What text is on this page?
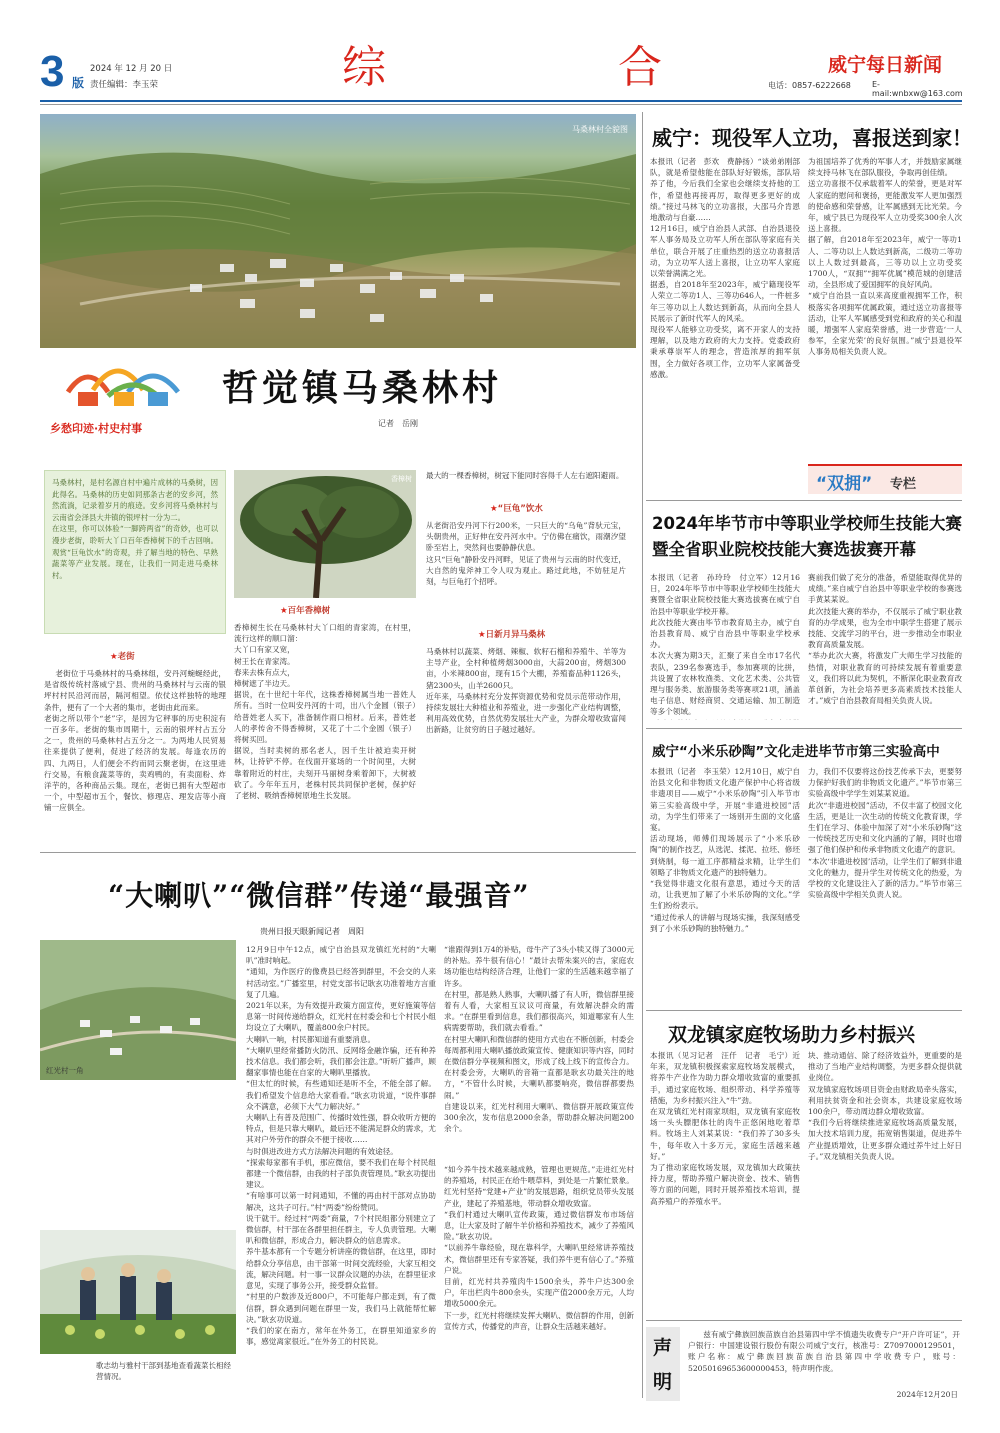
3 版
2024 年 12 月 20 日
责任编辑：李玉荣	综	合	威宁每日新闻
电话：0857-6222668	E-mail:wnbxw@163.com
马桑林村全貌图
乡愁印迹·村史村事
哲觉镇马桑林村
记者　岳刚
马桑林村，是村名源自村中遍片成林的马桑树，因此得名。马桑林的历史如同那条古老的安乡河，然然流淌，记录着岁月的痕迹。安乡河将马桑林村与云南省会泽县大井镇的银坪村一分为二。
在这里，你可以体验“一脚跨两省”的奇妙，也可以漫步老街，聆听大丫口百年香樟树下的千古回响。观赏“巨龟饮水”的奇观，并了解当地的特色、早熟蔬菜等产业发展。现在，让我们一同走进马桑林村。
★老街
老街位于马桑林村的马桑林组，安丹河蜿蜒经此，是省级传统村落威宁县、贵州的马桑林村与云南的银坪村村民沿河而居，隔河相望。依仗这样独特的地理条件，便有了一个大者的集市，老街由此而来。
老街之所以带个“老”字，是因为它秤事的历史积淀有一百多年。老街的集市周期十，云南的银坪村占五分之一，贵州的马桑林村占五分之一。为两地人民贸易往来提供了便利，促进了经济的发展。每逢农历的四、九两日，人们便会不约而同云聚老街，在这里进行交易，有粮食蔬菜等的，卖鸡鸭的，有卖面粉、炸洋芋的，各种商品云集。现在，老街已拥有大型超市一个，中型超市五个，餐饮、修理店、理发店等小商铺一应俱全。
香樟树
★百年香樟树
香樟树生长在马桑林村大丫口组的青家湾，在村里，流行这样的顺口溜：
大丫口有家又宽，
树王长在青家湾。
春来去株有点大，
樟树遮了半边天。
据说，在十世纪十年代，这株香樟树属当地一普姓人所有。当时一位叫安丹河的十司，出八个金圆（银子）给普姓老人买下，准备制作雨口棺材。后来，普姓老人的孝传舍不得香樟树，又花了十二个金圆（银子）将树买回。
据说，当时卖树的那名老人，因千生计被迫卖开树林，让持铲不停。在伐面开宴场的一个时间里，大树靠着附近的村庄，夫刻开马丽树身乘着卸下，大树被砍了。今年年五月，老株村民共同保护老树，保护好了老树、吸纳香樟树原地生长发展。
最大的一棵香樟树，树冠下能同时容得千人左右遮阳避雨。
★“巨龟”饮水
从老街沿安丹河下行200米，一只巨大的“乌龟”背驮元宝，头朝贵州，正好伸在安丹河水中。宁仿佛在痛饮，雨潮汐望卧至岩上，突然间也要静静伏息。
这只“巨龟”静卧安丹河畔，见证了贵州与云南的时代变迁，大自然的鬼斧神工令人叹为观止。路过此地，不妨驻足片刻，与巨龟打个招呼。
★日新月异马桑林
马桑林村以蔬菜、烤烟、辣椒、软籽石榴和养殖牛、羊等为主导产业，全村种植烤烟3000亩，大蒜200亩，烤烟300亩，小米辣800亩，现有15个大棚，养殖畜品种1126头，猪2300头，山羊2600只。
近年来，马桑林村充分发挥资源优势和党员示范带动作用，持续发展壮大种植业和养殖业，进一步强化产业结构调整，利用高效优势，自然优势发展壮大产业，为群众增收致富闯出新路，让贫穷的日子越过越好。
“大喇叭”“微信群”传递“最强音”
贵州日报天眼新闻记者　周阳
红光村一角
歌志幼与雅村干部到基地查看蔬菜长相经营情况。
12月9日中午12点，威宁自治县双龙镇红光村的“大喇叭”准时响起。
“通知，为作医疗的像费县已经答到群里，不会交的人来村活动室。”广播室里，村党支部书记耿玄功准着地方言重复了几遍。
2021年以来，为有效提升政策方面宣传，更好施策等信息第一时间传递给群众，红光村在村委会和七个村民小组均设立了大喇叭，覆盖800余户村民。
大喇叭一响，村民都知道有重要消息。
“大喇叭里经常播防火防汛、反网络金融诈骗，还有种养技术信息。我们都会听，我们都会注意。”听听广播声，顾翻家事情也能在自家的大喇叭里播放。
“但太忙的时候，有些通知还是听不全，不能全部了解。我们希望发个信息给大家看看。”耿玄功说道，“说件事群众不满意，必须下大气力解决好。”
大喇叭上有普及范围广、传播时效性强，群众收听方便的特点，但是只靠大喇叭，最后还不能满足群众的需求，尤其对户外劳作的群众不便于接收……
与时俱进改进方式方法解决问题的有效途径。
“探索每家都有手机，那应微信，要不我们在每个村民组都建一个微信群，由我的村子部负责管理员。”耿玄功提出建议。
“有啥事可以第一时间通知，不懂的再由村干部对点协助解决，这共子可行。”村“两委”纷纷赞同。
说干就干。经过村“两委”商量，7个村民组都分别建立了微信群，村干部在各群里担任群主，专人负责管理。大喇叭和微信群，形成合力，解决群众的信息需求。
养牛基本都有一个专题分析讲座的微信群，在这里，即时给群众分享信息，由干部第一时间交流经验，大家互相交流，解决问题。村一事一议群众议题的办法，在群里征求意见，实现了事务公开，接受群众监督。
“村里的户数涉及近800户，不可能每户都走到，有了微信群，群众遇到问题在群里一发，我们马上就能帮忙解决。”耿玄功说道。
“我们的家在南方，常年在外务工，在群里知道家乡的事，感觉离家很近。”在外务工的村民说。
“谁跟得到1万4的补贴，母牛产了3头小犊又得了3000元的补贴。养牛很有信心！”最计去帮朱案兴的吉，家庭农场功能也结构经济合理，让他们一家的生活越来越幸福了许多。
在村里，都是熟人熟事，大喇叭播了有人听，微信群里接着有人看，大家相互议议可商量，有效解决群众的需求。“在群里看到信息，我们都很高兴，知道哪家有人生病需要帮助，我们就去看看。”
在村里大喇叭和微信群的使用方式也在不断创新，村委会每周都利用大喇叭播放政策宣传、健康知识等内容，同时在微信群分享视频和图文，形成了线上线下的宣传合力。
在村委会旁，大喇叭的音箱一直都是耿玄功最关注的地方，“不管什么时候，大喇叭都要响亮，微信群都要热闹。”
自建设以来，红光村利用大喇叭、微信群开展政策宣传300余次，发布信息2000余条，帮助群众解决问题200余个。
“如今养牛技术越来越成熟，管理也更规范。”走进红光村的养殖场，村民正在给牛喂草料，到处是一片繁忙景象。
红光村坚持“党建+产业”的发展思路，组织党员带头发展产业，建起了养殖基地，带动群众增收致富。
“我们村通过大喇叭宣传政策，通过微信群发布市场信息，让大家及时了解牛羊价格和养殖技术，减少了养殖风险。”耿玄功说。
“以前养牛靠经验，现在靠科学，大喇叭里经常讲养殖技术，微信群里还有专家答疑，我们养牛更有信心了。”养殖户说。
目前，红光村共养殖肉牛1500余头，养牛户达300余户，年出栏肉牛800余头，实现产值2000余万元，人均增收5000余元。
下一步，红光村将继续发挥大喇叭、微信群的作用，创新宣传方式，传播党的声音，让群众生活越来越好。
威宁：现役军人立功，喜报送到家！
本报讯（记者　彭欢　费静扬）“谈弟弟刚部队，就是希望他能在部队好好锻炼，部队培养了他，今后我们全家也会继续支持他的工作，希望他再接再厉，取得更多更好的成绩。”接过马林飞的立功喜报，大邵马介肯恩地激动与自豪……
12月16日，威宁自治县人武部、自治县退役军人事务局及立功军人所在部队等家庭有关单位，联合开展了庄重热烈的送立功喜报活动，为立功军人送上喜报，让立功军人家庭以荣誉满满之光。
据悉，自2018年至2023年，威宁籍现役军人荣立二等功1人、三等功646人，一件桩多年三等功以上人数达到新高，从而向全县人民展示了新时代军人的风采。
现役军人能够立功受奖，离不开家人的支持理解，以及地方政府的大力支持。党委政府秉承尊崇军人的理念，营造浓厚的拥军氛围，全力做好各项工作，立功军人家属备受感激。
为祖国培养了优秀的军事人才，并鼓励家属继续支持马林飞在部队服役，争取再创佳绩。
送立功喜报不仅承载着军人的荣誉，更是对军人家庭的慰问和褒扬，更能激发军人更加强烈的使命感和荣誉感，让军属感到无比光荣。今年，威宁县已为现役军人立功受奖300余人次送上喜报。
据了解，自2018年至2023年，威宁一等功1人、二等功以上人数达到新高，二级功二等功以上人数过到最高，三等功以上立功受奖1700人，“双拥”“拥军优属”模范城的创建活动，全县形成了爱国拥军的良好风尚。
“威宁自治县一直以来高度重视拥军工作，积极落实各项拥军优属政策，通过送立功喜报等活动，让军人军属感受到党和政府的关心和温暖，增强军人家庭荣誉感，进一步营造‘一人参军，全家光荣’的良好氛围。”威宁县退役军人事务局相关负责人说。
“双拥” 专栏
2024年毕节市中等职业学校师生技能大赛
暨全省职业院校技能大赛选拔赛开幕
本报讯（记者　孙玲玲　付立军）12月16日，2024年毕节市中等职业学校师生技能大赛暨全省职业院校技能大赛选拔赛在威宁自治县中等职业学校开幕。
此次技能大赛由毕节市教育局主办，威宁自治县教育局、威宁自治县中等职业学校承办。
本次大赛为期3天，汇聚了来自全市17名代表队，239名参赛选手，参加赛项的比拼，共设置了农林牧渔类、文化艺术类、公共管理与服务类、旅游服务类等赛项21项，涵盖电子信息、财经商贸、交通运输、加工制造等多个领域。

赛前我们做了充分的准备，希望能取得优异的成绩。”来自威宁自治县中等职业学校的参赛选手黄某某说。
此次技能大赛的举办，不仅展示了威宁职业教育的办学成果，也为全市中职学生搭建了展示技能、交流学习的平台，进一步推动全市职业教育高质量发展。
“举办此次大赛，将激发广大师生学习技能的热情，对职业教育的可持续发展有着重要意义，我们将以此为契机，不断深化职业教育改革创新，为社会培养更多高素质技术技能人才。”威宁自治县教育局相关负责人说。
威宁“小米乐砂陶”文化走进毕节市第三实验高中
本报讯（记者　李玉荣）12月10日，威宁自治县文化和非物质文化遗产保护中心将省级非遗项目——威宁“小米乐砂陶”引入毕节市第三实验高级中学，开展“非遗进校园”活动，为学生们带来了一场别开生面的文化盛宴。
活动现场，师傅们现场展示了“小米乐砂陶”的制作技艺，从选泥、揉泥、拉坯、修坯到烧制，每一道工序都精益求精，让学生们领略了非物质文化遗产的独特魅力。
“我觉得非遗文化很有意思，通过今天的活动，让我更加了解了小米乐砂陶的文化。”学生们纷纷表示。
“通过传承人的讲解与现场实操，我深刻感受到了小米乐砂陶的独特魅力。”
力，我们不仅要将这份技艺传承下去，更要努力保护好我们的非物质文化遗产。”毕节市第三实验高级中学学生刘某某说道。
此次“非遗进校园”活动，不仅丰富了校园文化生活，更是让一次生动的传统文化教育课，学生们在学习、体验中加深了对“小米乐砂陶”这一传统技艺历史和文化内涵的了解，同时也增强了他们保护和传承非物质文化遗产的意识。
“本次‘非遗进校园’活动，让学生们了解到非遗文化的魅力，提升学生对传统文化的热爱，为学校的文化建设注入了新的活力。”毕节市第三实验高级中学相关负责人说。
双龙镇家庭牧场助力乡村振兴
本报讯（见习记者　汪仟　记者　毛宁）近年来，双龙镇积极探索家庭牧场发展模式，将养牛产业作为助力群众增收致富的重要抓手，通过家庭牧场、组织带动、科学养殖等措施，为乡村振兴注入“牛”劲。
在双龙镇红光村雨家坝组，双龙镇有家庭牧场一头头膘肥体壮的肉牛正悠闲地吃着草料。牧场主人刘某某说：“我们养了30多头牛，每年收入十多万元，家庭生活越来越好。”
为了推动家庭牧场发展，双龙镇加大政策扶持力度，帮助养殖户解决资金、技术、销售等方面的问题，同时开展养殖技术培训，提高养殖户的养殖水平。
块、推动通信、除了经济效益外，更重要的是推动了当地产业结构调整，为更多群众提供就业岗位。
双龙镇家庭牧场项目资金由财政局牵头落实，利用扶贫资金和社会资本，共建设家庭牧场100余户，带动周边群众增收致富。
“我们今后将继续推进家庭牧场高质量发展，加大技术培训力度，拓宽销售渠道，促进养牛产业提质增效，让更多群众通过养牛过上好日子。”双龙镇相关负责人说。
声
明
兹有威宁彝族回族苗族自治县第四中学不慎遗失收费专户“开户许可证”，开户银行：中国建设银行股份有限公司威宁支行，核准号：Z7097000129501，账户名称：威宁彝族回族苗族自治县第四中学收费专户，账号：52050169653600000453，特声明作废。
2024年12月20日
